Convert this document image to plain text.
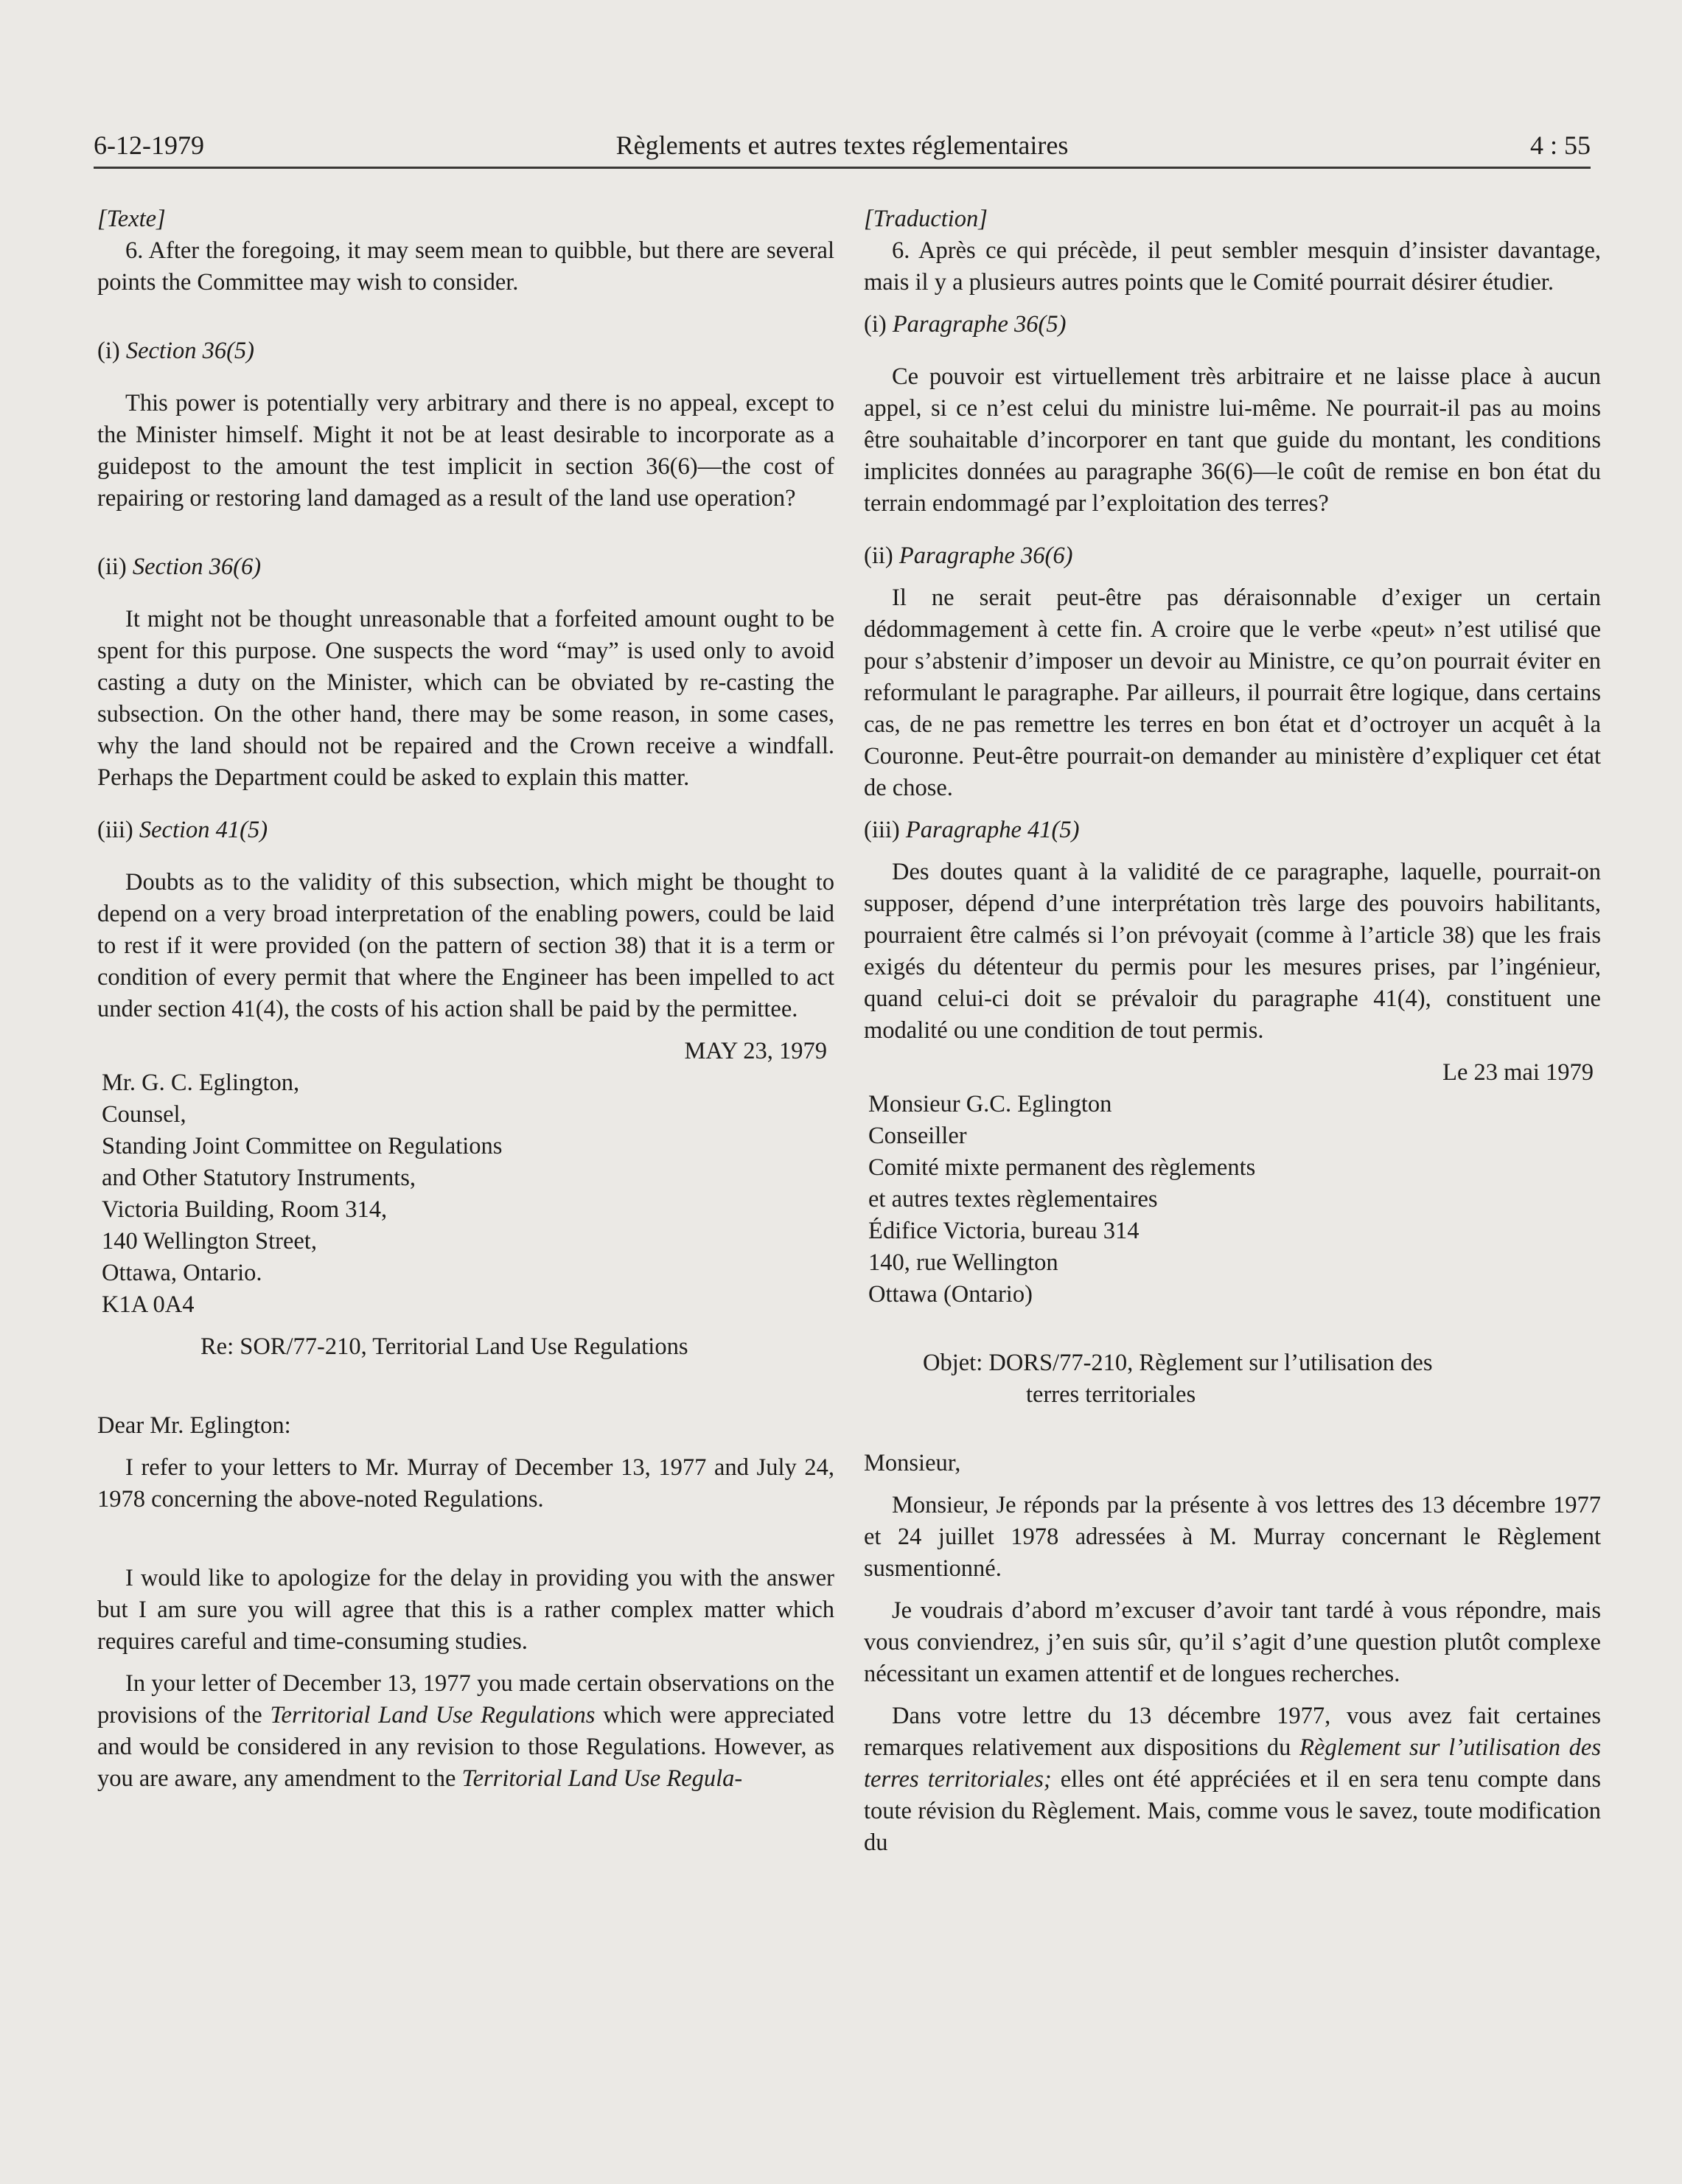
6-12-1979	Règlements et autres textes réglementaires	4 : 55

[Texte]

6. After the foregoing, it may seem mean to quibble, but there are several points the Committee may wish to consider.

(i) Section 36(5)

This power is potentially very arbitrary and there is no appeal, except to the Minister himself. Might it not be at least desirable to incorporate as a guidepost to the amount the test implicit in section 36(6)—the cost of repairing or restoring land damaged as a result of the land use operation?

(ii) Section 36(6)

It might not be thought unreasonable that a forfeited amount ought to be spent for this purpose. One suspects the word “may” is used only to avoid casting a duty on the Minister, which can be obviated by re-casting the subsection. On the other hand, there may be some reason, in some cases, why the land should not be repaired and the Crown receive a windfall. Perhaps the Department could be asked to explain this matter.

(iii) Section 41(5)

Doubts as to the validity of this subsection, which might be thought to depend on a very broad interpretation of the enabling powers, could be laid to rest if it were provided (on the pattern of section 38) that it is a term or condition of every permit that where the Engineer has been impelled to act under section 41(4), the costs of his action shall be paid by the permittee.

MAY 23, 1979

Mr. G. C. Eglington,

Counsel,

Standing Joint Committee on Regulations

and Other Statutory Instruments,

Victoria Building, Room 314,

140 Wellington Street,

Ottawa, Ontario.

K1A 0A4

Re: SOR/77-210, Territorial Land Use Regulations

Dear Mr. Eglington:

I refer to your letters to Mr. Murray of December 13, 1977 and July 24, 1978 concerning the above-noted Regulations.

I would like to apologize for the delay in providing you with the answer but I am sure you will agree that this is a rather complex matter which requires careful and time-consuming studies.

In your letter of December 13, 1977 you made certain observations on the provisions of the Territorial Land Use Regulations which were appreciated and would be considered in any revision to those Regulations. However, as you are aware, any amendment to the Territorial Land Use Regula-

[Traduction]

6. Après ce qui précède, il peut sembler mesquin d’insister davantage, mais il y a plusieurs autres points que le Comité pourrait désirer étudier.

(i) Paragraphe 36(5)

Ce pouvoir est virtuellement très arbitraire et ne laisse place à aucun appel, si ce n’est celui du ministre lui-même. Ne pourrait-il pas au moins être souhaitable d’incorporer en tant que guide du montant, les conditions implicites données au paragraphe 36(6)—le coût de remise en bon état du terrain endommagé par l’exploitation des terres?

(ii) Paragraphe 36(6)

Il ne serait peut-être pas déraisonnable d’exiger un certain dédommagement à cette fin. A croire que le verbe «peut» n’est utilisé que pour s’abstenir d’imposer un devoir au Ministre, ce qu’on pourrait éviter en reformulant le paragraphe. Par ailleurs, il pourrait être logique, dans certains cas, de ne pas remettre les terres en bon état et d’octroyer un acquêt à la Couronne. Peut-être pourrait-on demander au ministère d’expliquer cet état de chose.

(iii) Paragraphe 41(5)

Des doutes quant à la validité de ce paragraphe, laquelle, pourrait-on supposer, dépend d’une interprétation très large des pouvoirs habilitants, pourraient être calmés si l’on prévoyait (comme à l’article 38) que les frais exigés du détenteur du permis pour les mesures prises, par l’ingénieur, quand celui-ci doit se prévaloir du paragraphe 41(4), constituent une modalité ou une condition de tout permis.

Le 23 mai 1979

Monsieur G.C. Eglington

Conseiller

Comité mixte permanent des règlements

et autres textes règlementaires

Édifice Victoria, bureau 314

140, rue Wellington

Ottawa (Ontario)

Objet: DORS/77-210, Règlement sur l’utilisation des
terres territoriales

Monsieur,

Monsieur, Je réponds par la présente à vos lettres des 13 décembre 1977 et 24 juillet 1978 adressées à M. Murray concernant le Règlement susmentionné.

Je voudrais d’abord m’excuser d’avoir tant tardé à vous répondre, mais vous conviendrez, j’en suis sûr, qu’il s’agit d’une question plutôt complexe nécessitant un examen attentif et de longues recherches.

Dans votre lettre du 13 décembre 1977, vous avez fait certaines remarques relativement aux dispositions du Règlement sur l’utilisation des terres territoriales; elles ont été appréciées et il en sera tenu compte dans toute révision du Règlement. Mais, comme vous le savez, toute modification du
